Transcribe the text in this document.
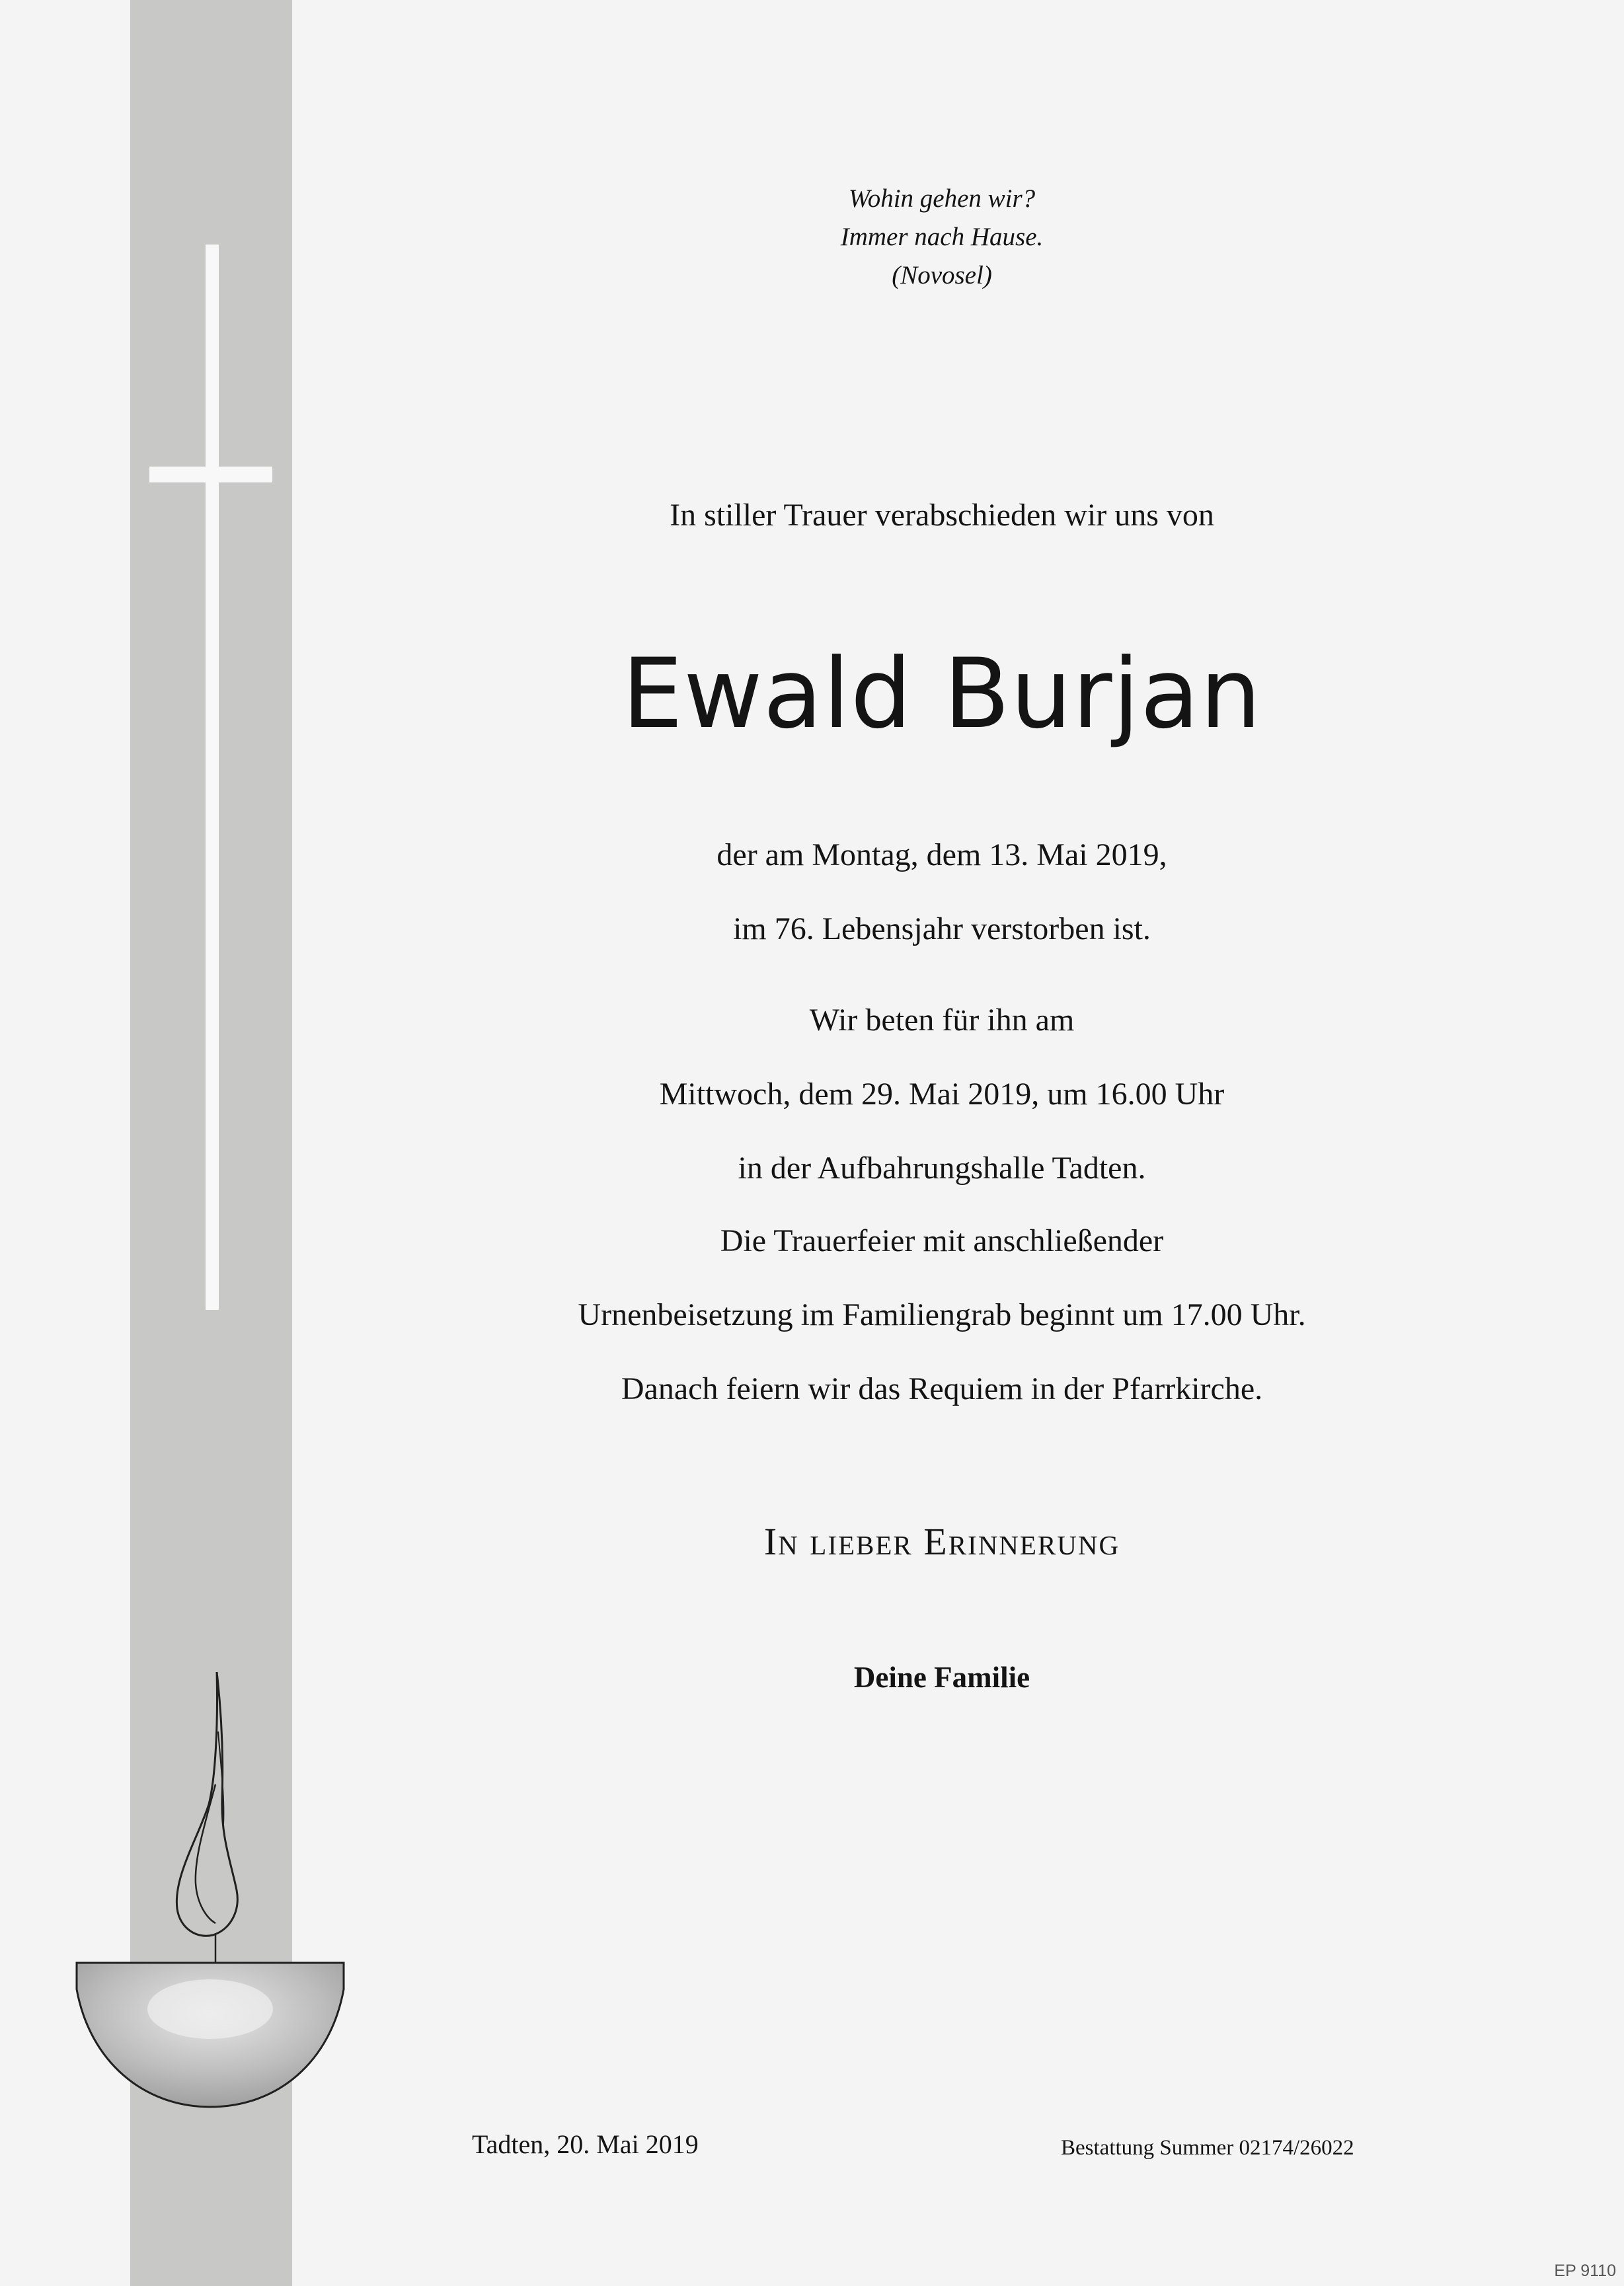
Wohin gehen wir?
Immer nach Hause.
(Novosel)
In stiller Trauer verabschieden wir uns von
Ewald Burjan
der am Montag, dem 13. Mai 2019,
im 76. Lebensjahr verstorben ist.
Wir beten für ihn am
Mittwoch, dem 29. Mai 2019, um 16.00 Uhr
in der Aufbahrungshalle Tadten.
Die Trauerfeier mit anschließender
Urnenbeisetzung im Familiengrab beginnt um 17.00 Uhr.
Danach feiern wir das Requiem in der Pfarrkirche.
In lieber Erinnerung
Deine Familie
Tadten, 20. Mai 2019	Bestattung Summer 02174/26022
EP 9110
